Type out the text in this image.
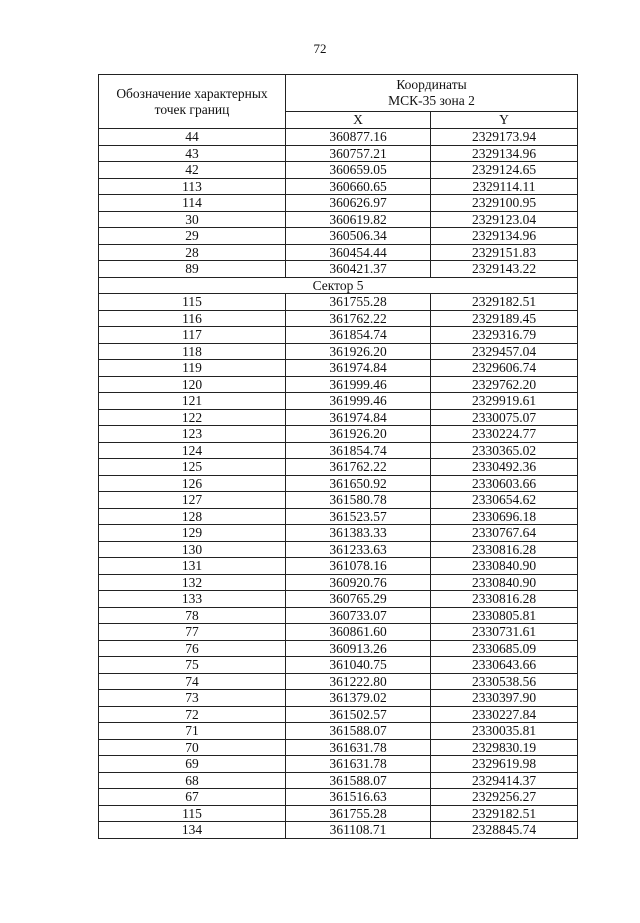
72
Обозначение характерных точек границ	Координаты
МСК-35 зона 2	
	X	Y
44	360877.16	2329173.94
43	360757.21	2329134.96
42	360659.05	2329124.65
113	360660.65	2329114.11
114	360626.97	2329100.95
30	360619.82	2329123.04
29	360506.34	2329134.96
28	360454.44	2329151.83
89	360421.37	2329143.22
Сектор 5		
115	361755.28	2329182.51
116	361762.22	2329189.45
117	361854.74	2329316.79
118	361926.20	2329457.04
119	361974.84	2329606.74
120	361999.46	2329762.20
121	361999.46	2329919.61
122	361974.84	2330075.07
123	361926.20	2330224.77
124	361854.74	2330365.02
125	361762.22	2330492.36
126	361650.92	2330603.66
127	361580.78	2330654.62
128	361523.57	2330696.18
129	361383.33	2330767.64
130	361233.63	2330816.28
131	361078.16	2330840.90
132	360920.76	2330840.90
133	360765.29	2330816.28
78	360733.07	2330805.81
77	360861.60	2330731.61
76	360913.26	2330685.09
75	361040.75	2330643.66
74	361222.80	2330538.56
73	361379.02	2330397.90
72	361502.57	2330227.84
71	361588.07	2330035.81
70	361631.78	2329830.19
69	361631.78	2329619.98
68	361588.07	2329414.37
67	361516.63	2329256.27
115	361755.28	2329182.51
134	361108.71	2328845.74
